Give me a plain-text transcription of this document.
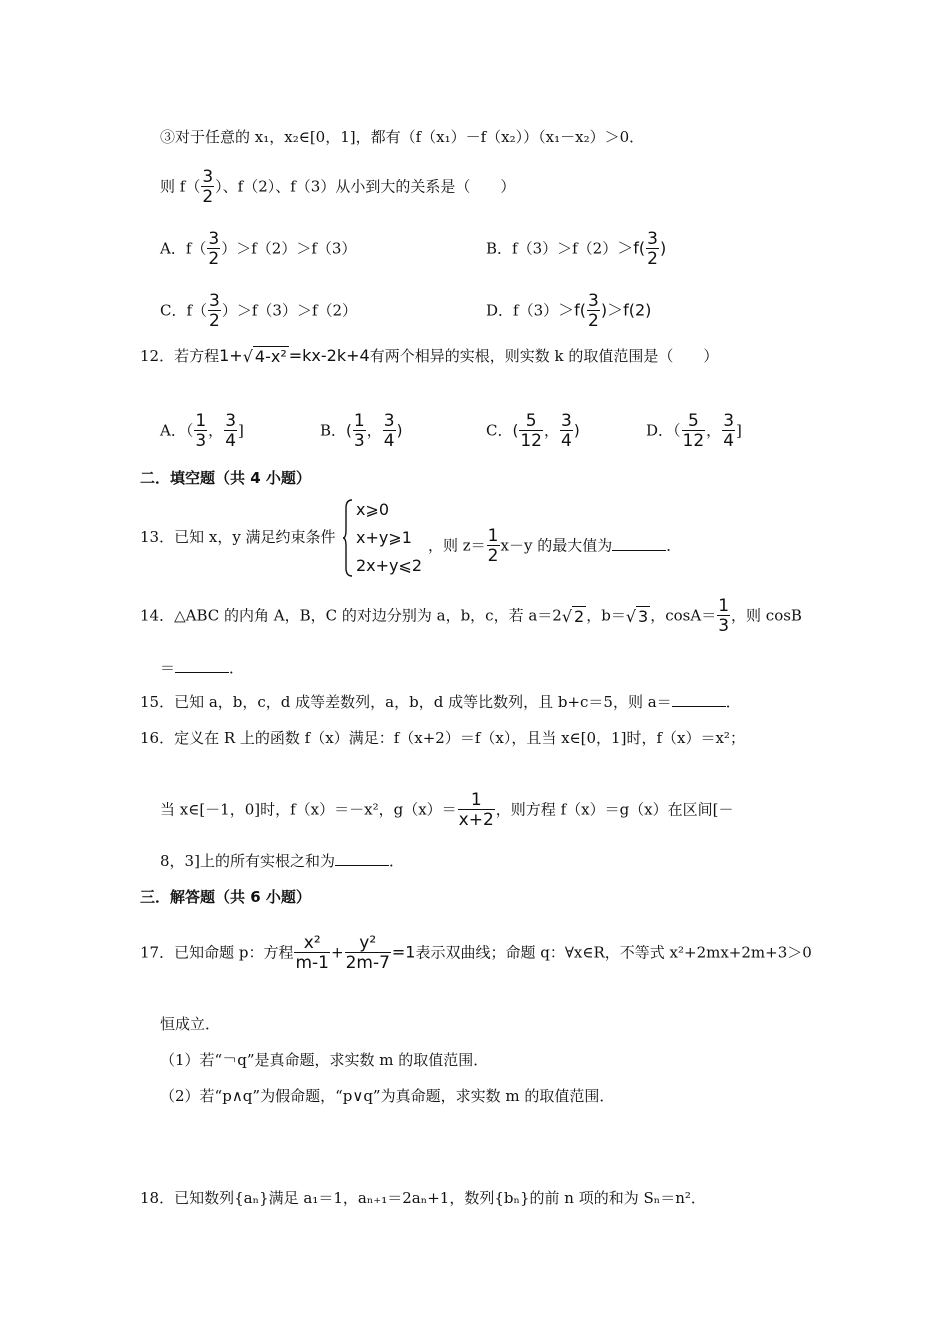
③对于任意的 x₁，x₂∈[0，1]，都有（f（x₁）－f（x₂））（x₁－x₂）＞0．
则 $f( \frac{3}{2}$ ）、f（2）、f（3）从小到大的关系是（　　）
A．$f( \frac{3}{2} )>f(2)>f(3)$	B．$f(3)>f(2)>f( \frac{3}{2}$ )
C．$f( \frac{3}{2} )>f(3)>f(2)$	D．$f(3)>f( \frac{3}{2} )>f(2)$
12．若方程1+√ 4-x² =kx-2k+4有两个相异的实根，则实数 k 的取值范围是（　　）
A．（ $\frac{1}{3}$ ， $\frac{3}{4}$ ]	B．( $\frac{1}{3}$ ， $\frac{3}{4}$ )	C．( $\frac{5}{12}$ ， $\frac{3}{4}$ )	D．（ $\frac{5}{12}$ ， $\frac{3}{4}$ ]
二．填空题（共 4 小题）
13．已知 x，y 满足约束条件
x⩾0
x+y⩾1
2x+y⩽2
，则 $z= \frac{1}{2} x-y$ 的最大值为	．
14．△ABC 的内角 A，B，C 的对边分别为 a，b，c，若 a＝2√ 2 ，b＝√ 3 ，$\cos A= \frac{1}{3}$ ，则 cosB
＝	．
15．已知 a，b，c，d 成等差数列，a，b，d 成等比数列，且 b+c＝5，则 a＝	．
16．定义在 R 上的函数 f（x）满足：f（x+2）＝f（x），且当 x∈[0，1]时，f（x）＝x²；
当 x∈[－1，0]时，f（x）＝－x²，$g(x)= \frac{1}{x+2}$ ，则方程 f（x）＝g（x）在区间[－
8，3]上的所有实根之和为	．
三．解答题（共 6 小题）
17．已知命题 p：方程 $\frac{\text{x²}}{m-1} + \frac{\text{y²}}{2m-7} =1$表示双曲线；命题 q：∀x∈R，不等式 x²+2mx+2m+3＞0
恒成立．
（1）若“￢q”是真命题，求实数 m 的取值范围．
（2）若“p∧q”为假命题，“p∨q”为真命题，求实数 m 的取值范围．
18．已知数列{aₙ}满足 a₁＝1，aₙ₊₁＝2aₙ+1，数列{bₙ}的前 n 项的和为 Sₙ＝n²．
